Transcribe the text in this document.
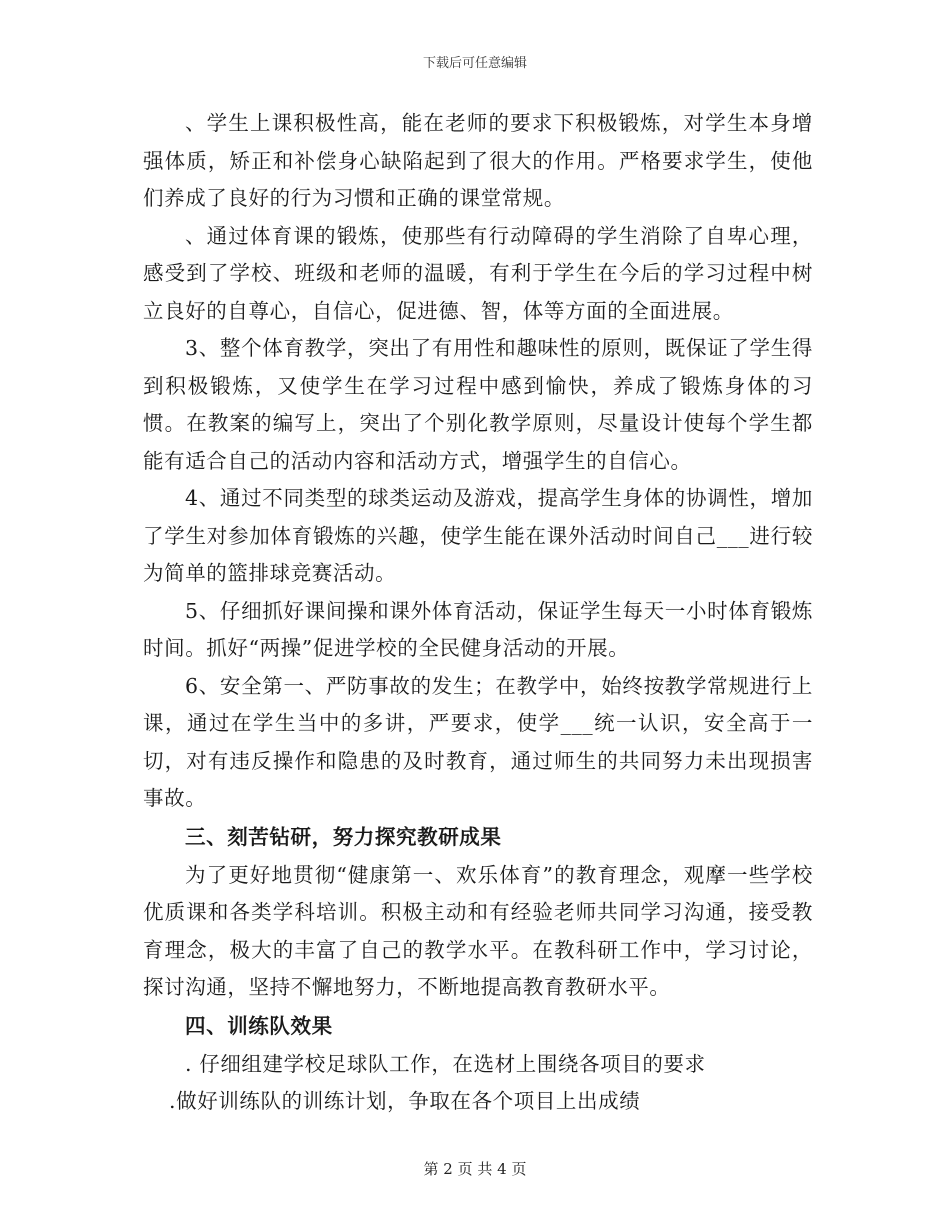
下载后可任意编辑

、学生上课积极性高，能在老师的要求下积极锻炼，对学生本身增强体质，矫正和补偿身心缺陷起到了很大的作用。严格要求学生，使他们养成了良好的行为习惯和正确的课堂常规。

、通过体育课的锻炼，使那些有行动障碍的学生消除了自卑心理，感受到了学校、班级和老师的温暖，有利于学生在今后的学习过程中树立良好的自尊心，自信心，促进德、智，体等方面的全面进展。

3、整个体育教学，突出了有用性和趣味性的原则，既保证了学生得到积极锻炼，又使学生在学习过程中感到愉快，养成了锻炼身体的习惯。在教案的编写上，突出了个别化教学原则，尽量设计使每个学生都能有适合自己的活动内容和活动方式，增强学生的自信心。

4、通过不同类型的球类运动及游戏，提高学生身体的协调性，增加了学生对参加体育锻炼的兴趣，使学生能在课外活动时间自己___进行较为简单的篮排球竞赛活动。

5、仔细抓好课间操和课外体育活动，保证学生每天一小时体育锻炼时间。抓好“两操”促进学校的全民健身活动的开展。

6、安全第一、严防事故的发生；在教学中，始终按教学常规进行上课，通过在学生当中的多讲，严要求，使学___统一认识，安全高于一切，对有违反操作和隐患的及时教育，通过师生的共同努力未出现损害事故。

三、刻苦钻研，努力探究教研成果

为了更好地贯彻“健康第一、欢乐体育”的教育理念，观摩一些学校优质课和各类学科培训。积极主动和有经验老师共同学习沟通，接受教育理念，极大的丰富了自己的教学水平。在教科研工作中，学习讨论，探讨沟通，坚持不懈地努力，不断地提高教育教研水平。

四、训练队效果

. 仔细组建学校足球队工作，在选材上围绕各项目的要求

.做好训练队的训练计划，争取在各个项目上出成绩

第 2 页 共 4 页
